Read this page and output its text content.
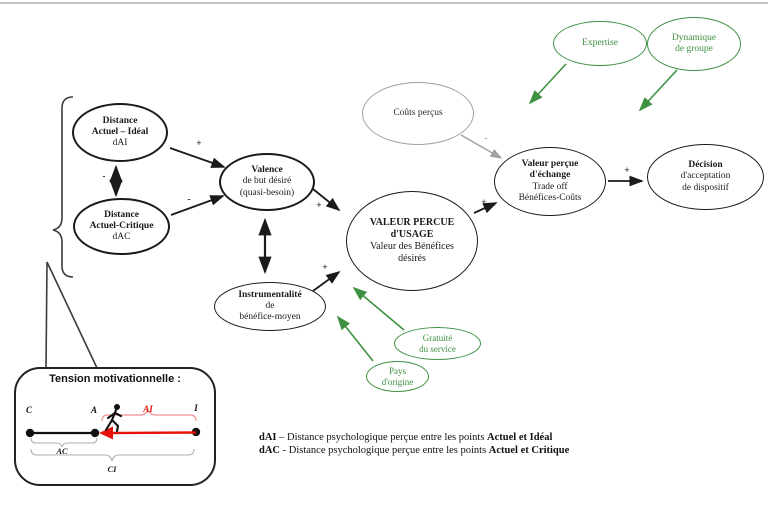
Distance
Actuel – Idéal
dAI
Distance
Actuel-Critique
dAC
Valence
de but désiré
(quasi-besoin)
Instrumentalité
de
bénéfice-moyen
VALEUR PERCUE
d'USAGE
Valeur des Bénéfices
désirés
Coûts perçus
Valeur perçue
d'échange
Trade off
Bénéfices-Coûts
Décision
d'acceptation
de dispositif
Expertise
Dynamique
de groupe
Gratuité
du service
Pays
d'origine
+
-
-
+
+
+
-
+
Tension motivationnelle :
C	A	AI	I
AC
CI
dAI – Distance psychologique perçue entre les points Actuel et Idéal
dAC - Distance psychologique perçue entre les points Actuel et Critique
